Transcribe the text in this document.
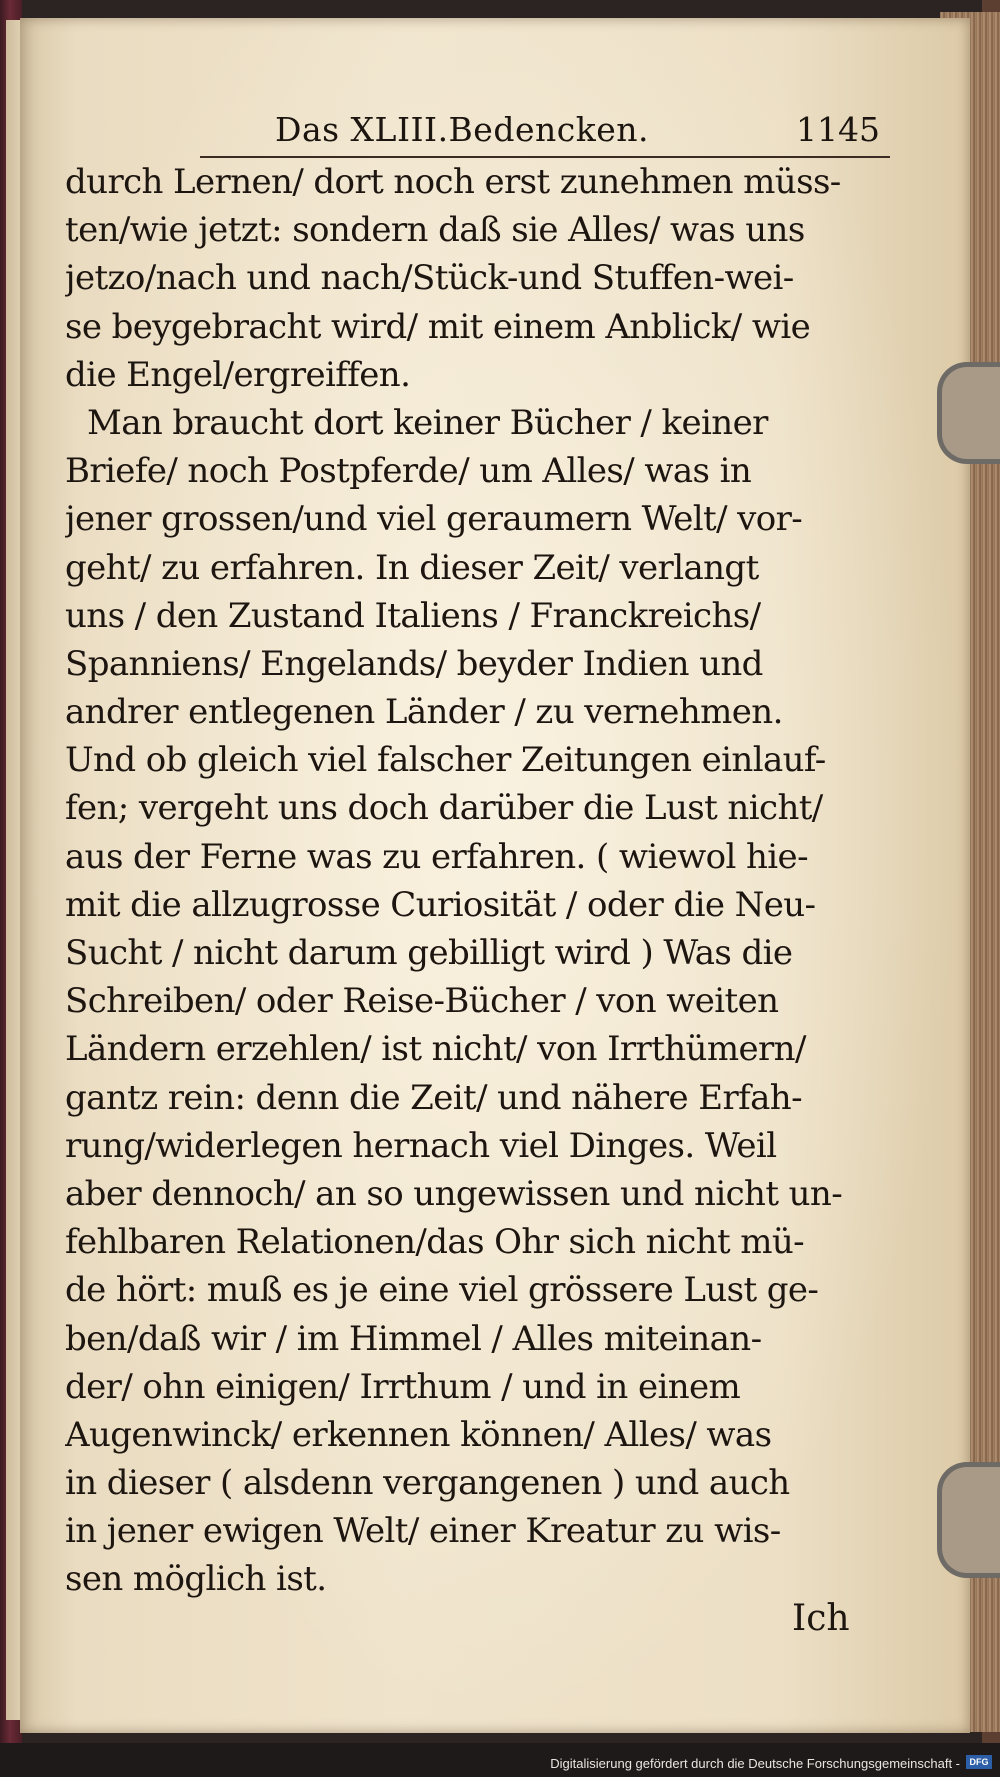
Das XLIII.Bedencken.	1145
durch Lernen/ dort noch erst zunehmen müss-
ten/wie jetzt: sondern daß sie Alles/ was uns
jetzo/nach und nach/Stück-und Stuffen-wei-
se beygebracht wird/ mit einem Anblick/ wie
die Engel/ergreiffen.
Man braucht dort keiner Bücher / keiner
Briefe/ noch Postpferde/ um Alles/ was in
jener grossen/und viel geraumern Welt/ vor-
geht/ zu erfahren. In dieser Zeit/ verlangt
uns / den Zustand Italiens / Franckreichs/
Spanniens/ Engelands/ beyder Indien und
andrer entlegenen Länder / zu vernehmen.
Und ob gleich viel falscher Zeitungen einlauf-
fen; vergeht uns doch darüber die Lust nicht/
aus der Ferne was zu erfahren. ( wiewol hie-
mit die allzugrosse Curiosität / oder die Neu-
Sucht / nicht darum gebilligt wird ) Was die
Schreiben/ oder Reise-Bücher / von weiten
Ländern erzehlen/ ist nicht/ von Irrthümern/
gantz rein: denn die Zeit/ und nähere Erfah-
rung/widerlegen hernach viel Dinges. Weil
aber dennoch/ an so ungewissen und nicht un-
fehlbaren Relationen/das Ohr sich nicht mü-
de hört: muß es je eine viel grössere Lust ge-
ben/daß wir / im Himmel / Alles miteinan-
der/ ohn einigen/ Irrthum / und in einem
Augenwinck/ erkennen können/ Alles/ was
in dieser ( alsdenn vergangenen ) und auch
in jener ewigen Welt/ einer Kreatur zu wis-
sen möglich ist.
Ich
Digitalisierung gefördert durch die Deutsche Forschungsgemeinschaft -	DFG
